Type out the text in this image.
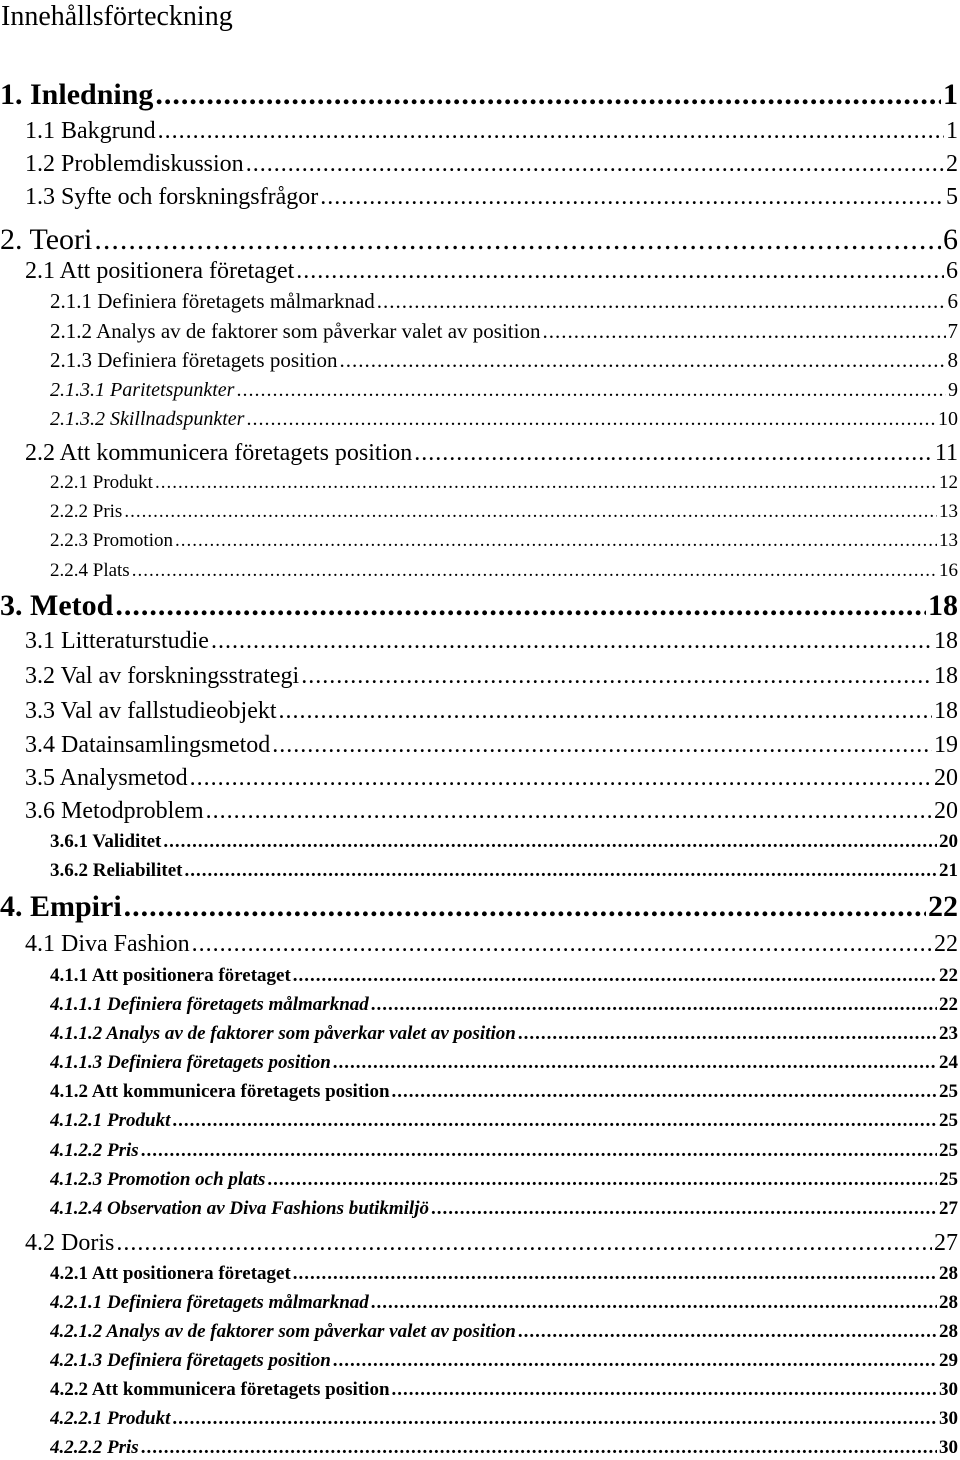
Innehållsförteckning
1. Inledning .....	1
1.1 Bakgrund .....	1
1.2 Problemdiskussion .....	2
1.3 Syfte och forskningsfrågor .....	5
2. Teori .....	6
2.1 Att positionera företaget .....	6
2.1.1 Definiera företagets målmarknad .....	6
2.1.2 Analys av de faktorer som påverkar valet av position .....	7
2.1.3 Definiera företagets position .....	8
2.1.3.1 Paritetspunkter .....	9
2.1.3.2 Skillnadspunkter .....	10
2.2 Att kommunicera företagets position .....	11
2.2.1 Produkt .....	12
2.2.2 Pris .....	13
2.2.3 Promotion .....	13
2.2.4 Plats .....	16
3. Metod .....	18
3.1 Litteraturstudie .....	18
3.2 Val av forskningsstrategi .....	18
3.3 Val av fallstudieobjekt .....	18
3.4 Datainsamlingsmetod .....	19
3.5 Analysmetod .....	20
3.6 Metodproblem .....	20
3.6.1 Validitet .....	20
3.6.2 Reliabilitet .....	21
4. Empiri .....	22
4.1 Diva Fashion .....	22
4.1.1 Att positionera företaget .....	22
4.1.1.1 Definiera företagets målmarknad .....	22
4.1.1.2 Analys av de faktorer som påverkar valet av position .....	23
4.1.1.3 Definiera företagets position .....	24
4.1.2 Att kommunicera företagets position .....	25
4.1.2.1 Produkt .....	25
4.1.2.2 Pris .....	25
4.1.2.3 Promotion och plats .....	25
4.1.2.4 Observation av Diva Fashions butikmiljö .....	27
4.2 Doris .....	27
4.2.1 Att positionera företaget .....	28
4.2.1.1 Definiera företagets målmarknad .....	28
4.2.1.2 Analys av de faktorer som påverkar valet av position .....	28
4.2.1.3 Definiera företagets position .....	29
4.2.2 Att kommunicera företagets position .....	30
4.2.2.1 Produkt .....	30
4.2.2.2 Pris .....	30
